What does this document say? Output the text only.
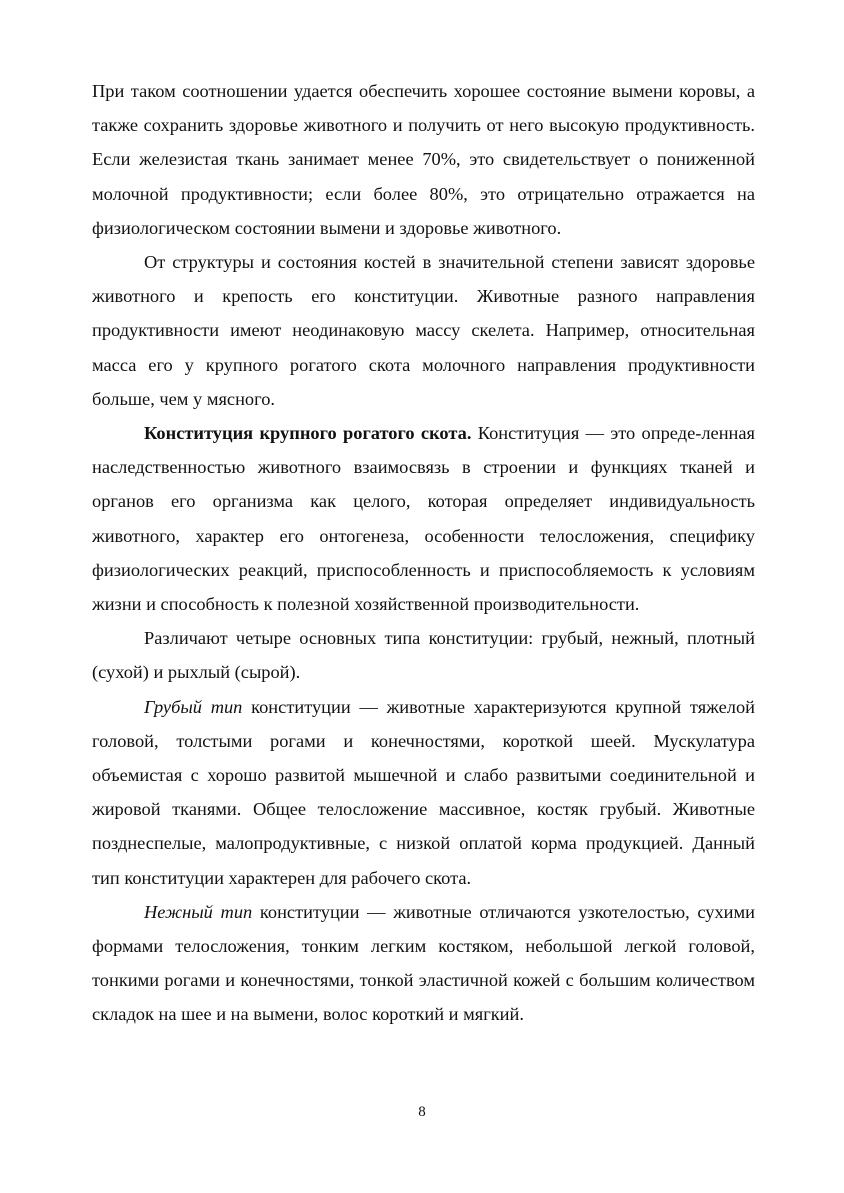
При таком соотношении удается обеспечить хорошее состояние вымени коровы, а также сохранить здоровье животного и получить от него высокую продуктивность. Если железистая ткань занимает менее 70%, это свидетельствует о пониженной молочной продуктивности; если более 80%, это отрицательно отражается на физиологическом состоянии вымени и здоровье животного.

От структуры и состояния костей в значительной степени зависят здоровье животного и крепость его конституции. Животные разного направления продуктивности имеют неодинаковую массу скелета. Например, относительная масса его у крупного рогатого скота молочного направления продуктивности больше, чем у мясного.

Конституция крупного рогатого скота. Конституция — это опреде-ленная наследственностью животного взаимосвязь в строении и функциях тканей и органов его организма как целого, которая определяет индивидуальность животного, характер его онтогенеза, особенности телосложения, специфику физиологических реакций, приспособленность и приспособляемость к условиям жизни и способность к полезной хозяйственной производительности.

Различают четыре основных типа конституции: грубый, нежный, плотный (сухой) и рыхлый (сырой).

Грубый тип конституции — животные характеризуются крупной тяжелой головой, толстыми рогами и конечностями, короткой шеей. Мускулатура объемистая с хорошо развитой мышечной и слабо развитыми соединительной и жировой тканями. Общее телосложение массивное, костяк грубый. Животные позднеспелые, малопродуктивные, с низкой оплатой корма продукцией. Данный тип конституции характерен для рабочего скота.

Нежный тип конституции — животные отличаются узкотелостью, сухими формами телосложения, тонким легким костяком, небольшой легкой головой, тонкими рогами и конечностями, тонкой эластичной кожей с большим количеством складок на шее и на вымени, волос короткий и мягкий.

8
